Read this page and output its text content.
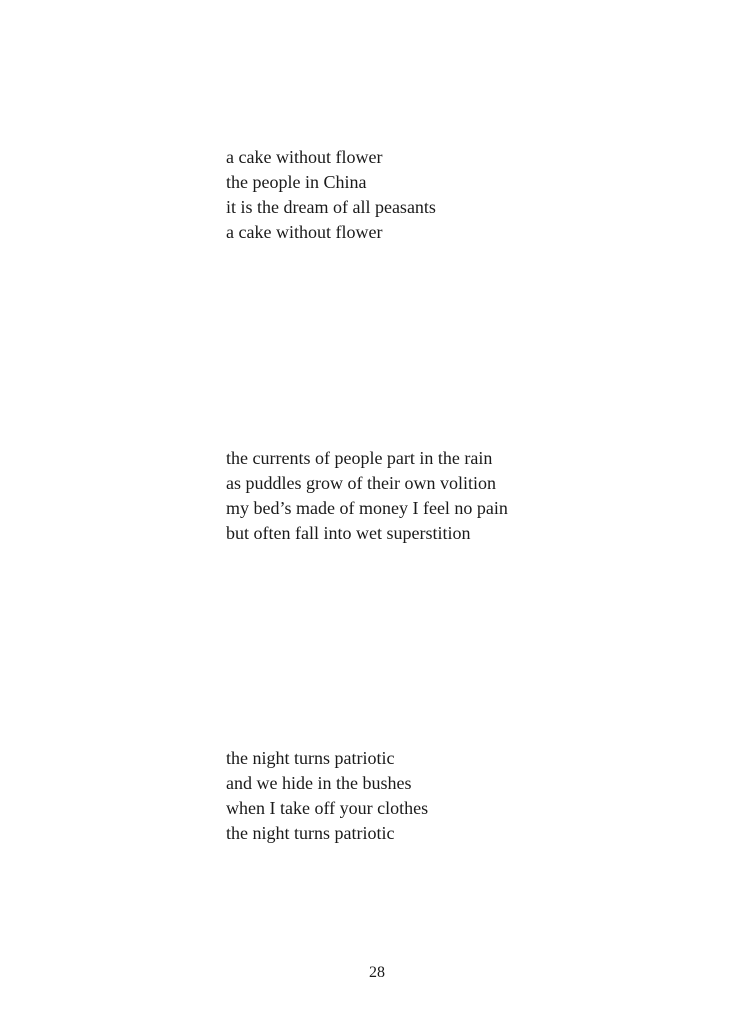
a cake without flower
the people in China
it is the dream of all peasants
a cake without flower
the currents of people part in the rain
as puddles grow of their own volition
my bed’s made of money I feel no pain
but often fall into wet superstition
the night turns patriotic
and we hide in the bushes
when I take off your clothes
the night turns patriotic
28
